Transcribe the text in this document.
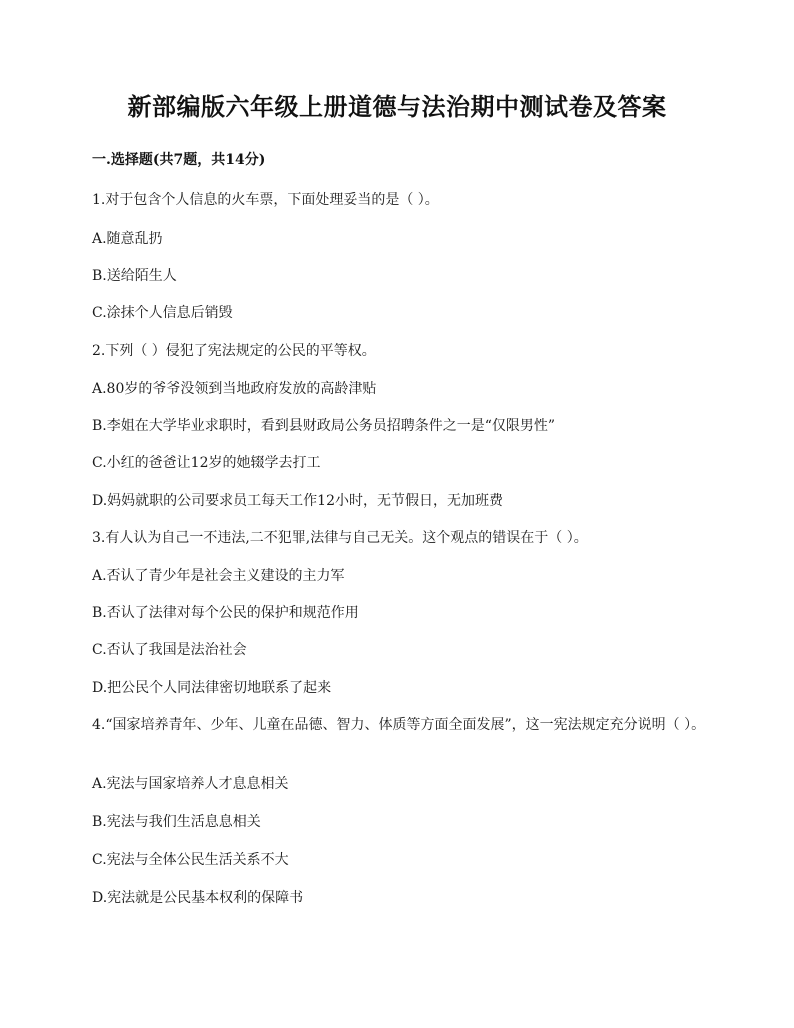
新部编版六年级上册道德与法治期中测试卷及答案
一.选择题(共7题，共14分)
1.对于包含个人信息的火车票，下面处理妥当的是（ ）。
A.随意乱扔
B.送给陌生人
C.涂抹个人信息后销毁
2.下列（ ）侵犯了宪法规定的公民的平等权。
A.80岁的爷爷没领到当地政府发放的高龄津贴
B.李姐在大学毕业求职时，看到县财政局公务员招聘条件之一是“仅限男性”
C.小红的爸爸让12岁的她辍学去打工
D.妈妈就职的公司要求员工每天工作12小时，无节假日，无加班费
3.有人认为自己一不违法,二不犯罪,法律与自己无关。这个观点的错误在于（ ）。
A.否认了青少年是社会主义建设的主力军
B.否认了法律对每个公民的保护和规范作用
C.否认了我国是法治社会
D.把公民个人同法律密切地联系了起来
4.“国家培养青年、少年、儿童在品德、智力、体质等方面全面发展”，这一宪法规定充分说明（ ）。
A.宪法与国家培养人才息息相关
B.宪法与我们生活息息相关
C.宪法与全体公民生活关系不大
D.宪法就是公民基本权利的保障书
